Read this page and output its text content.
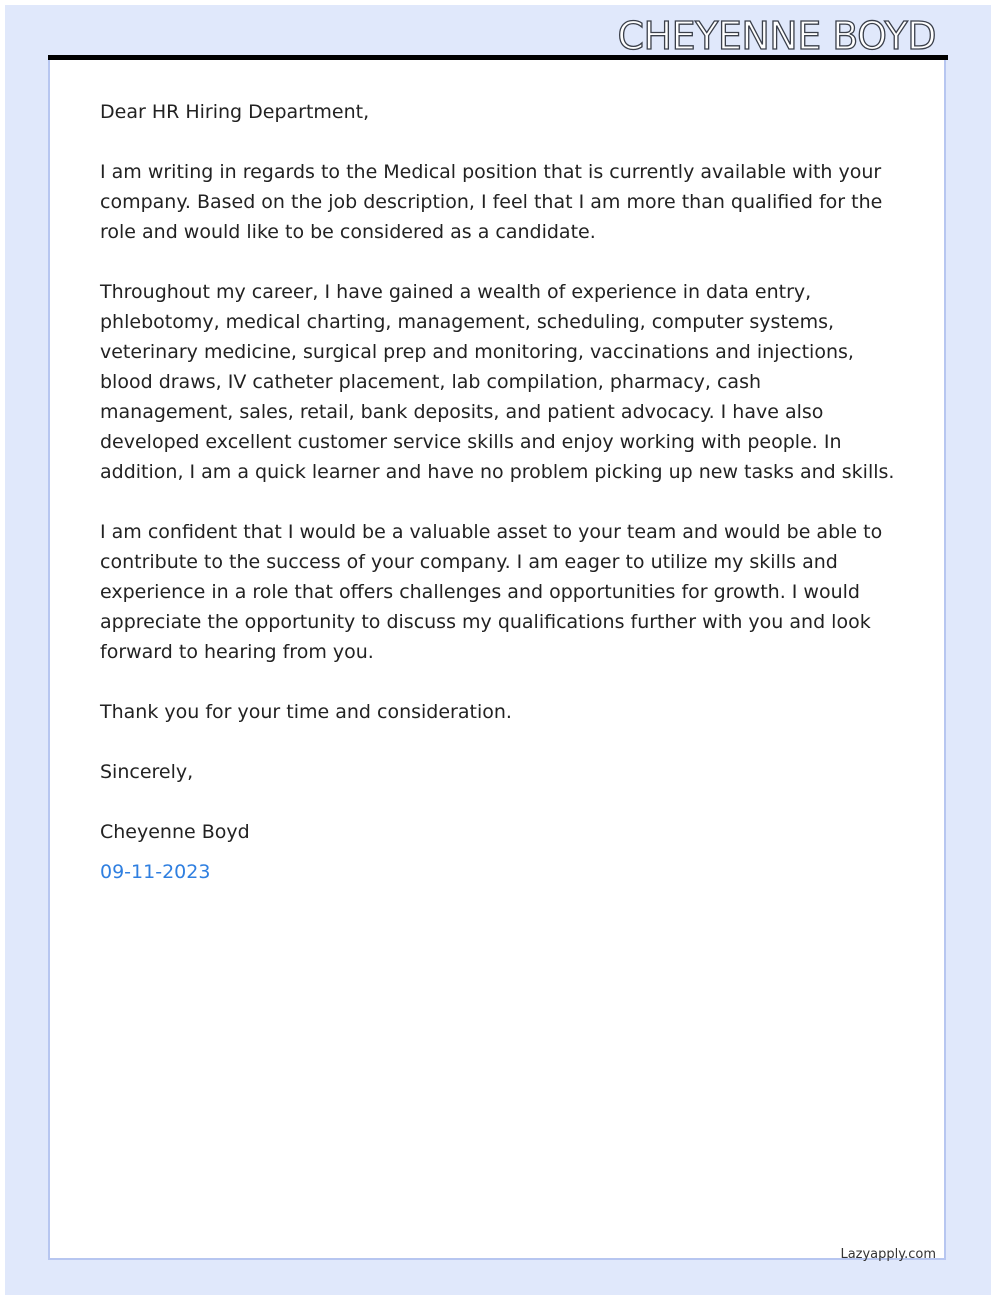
CHEYENNE BOYD

Dear HR Hiring Department,

I am writing in regards to the Medical position that is currently available with your company. Based on the job description, I feel that I am more than qualified for the role and would like to be considered as a candidate.

Throughout my career, I have gained a wealth of experience in data entry, phlebotomy, medical charting, management, scheduling, computer systems, veterinary medicine, surgical prep and monitoring, vaccinations and injections, blood draws, IV catheter placement, lab compilation, pharmacy, cash management, sales, retail, bank deposits, and patient advocacy. I have also developed excellent customer service skills and enjoy working with people. In addition, I am a quick learner and have no problem picking up new tasks and skills.

I am confident that I would be a valuable asset to your team and would be able to contribute to the success of your company. I am eager to utilize my skills and experience in a role that offers challenges and opportunities for growth. I would appreciate the opportunity to discuss my qualifications further with you and look forward to hearing from you.

Thank you for your time and consideration.

Sincerely,

Cheyenne Boyd

09-11-2023

Lazyapply.com
